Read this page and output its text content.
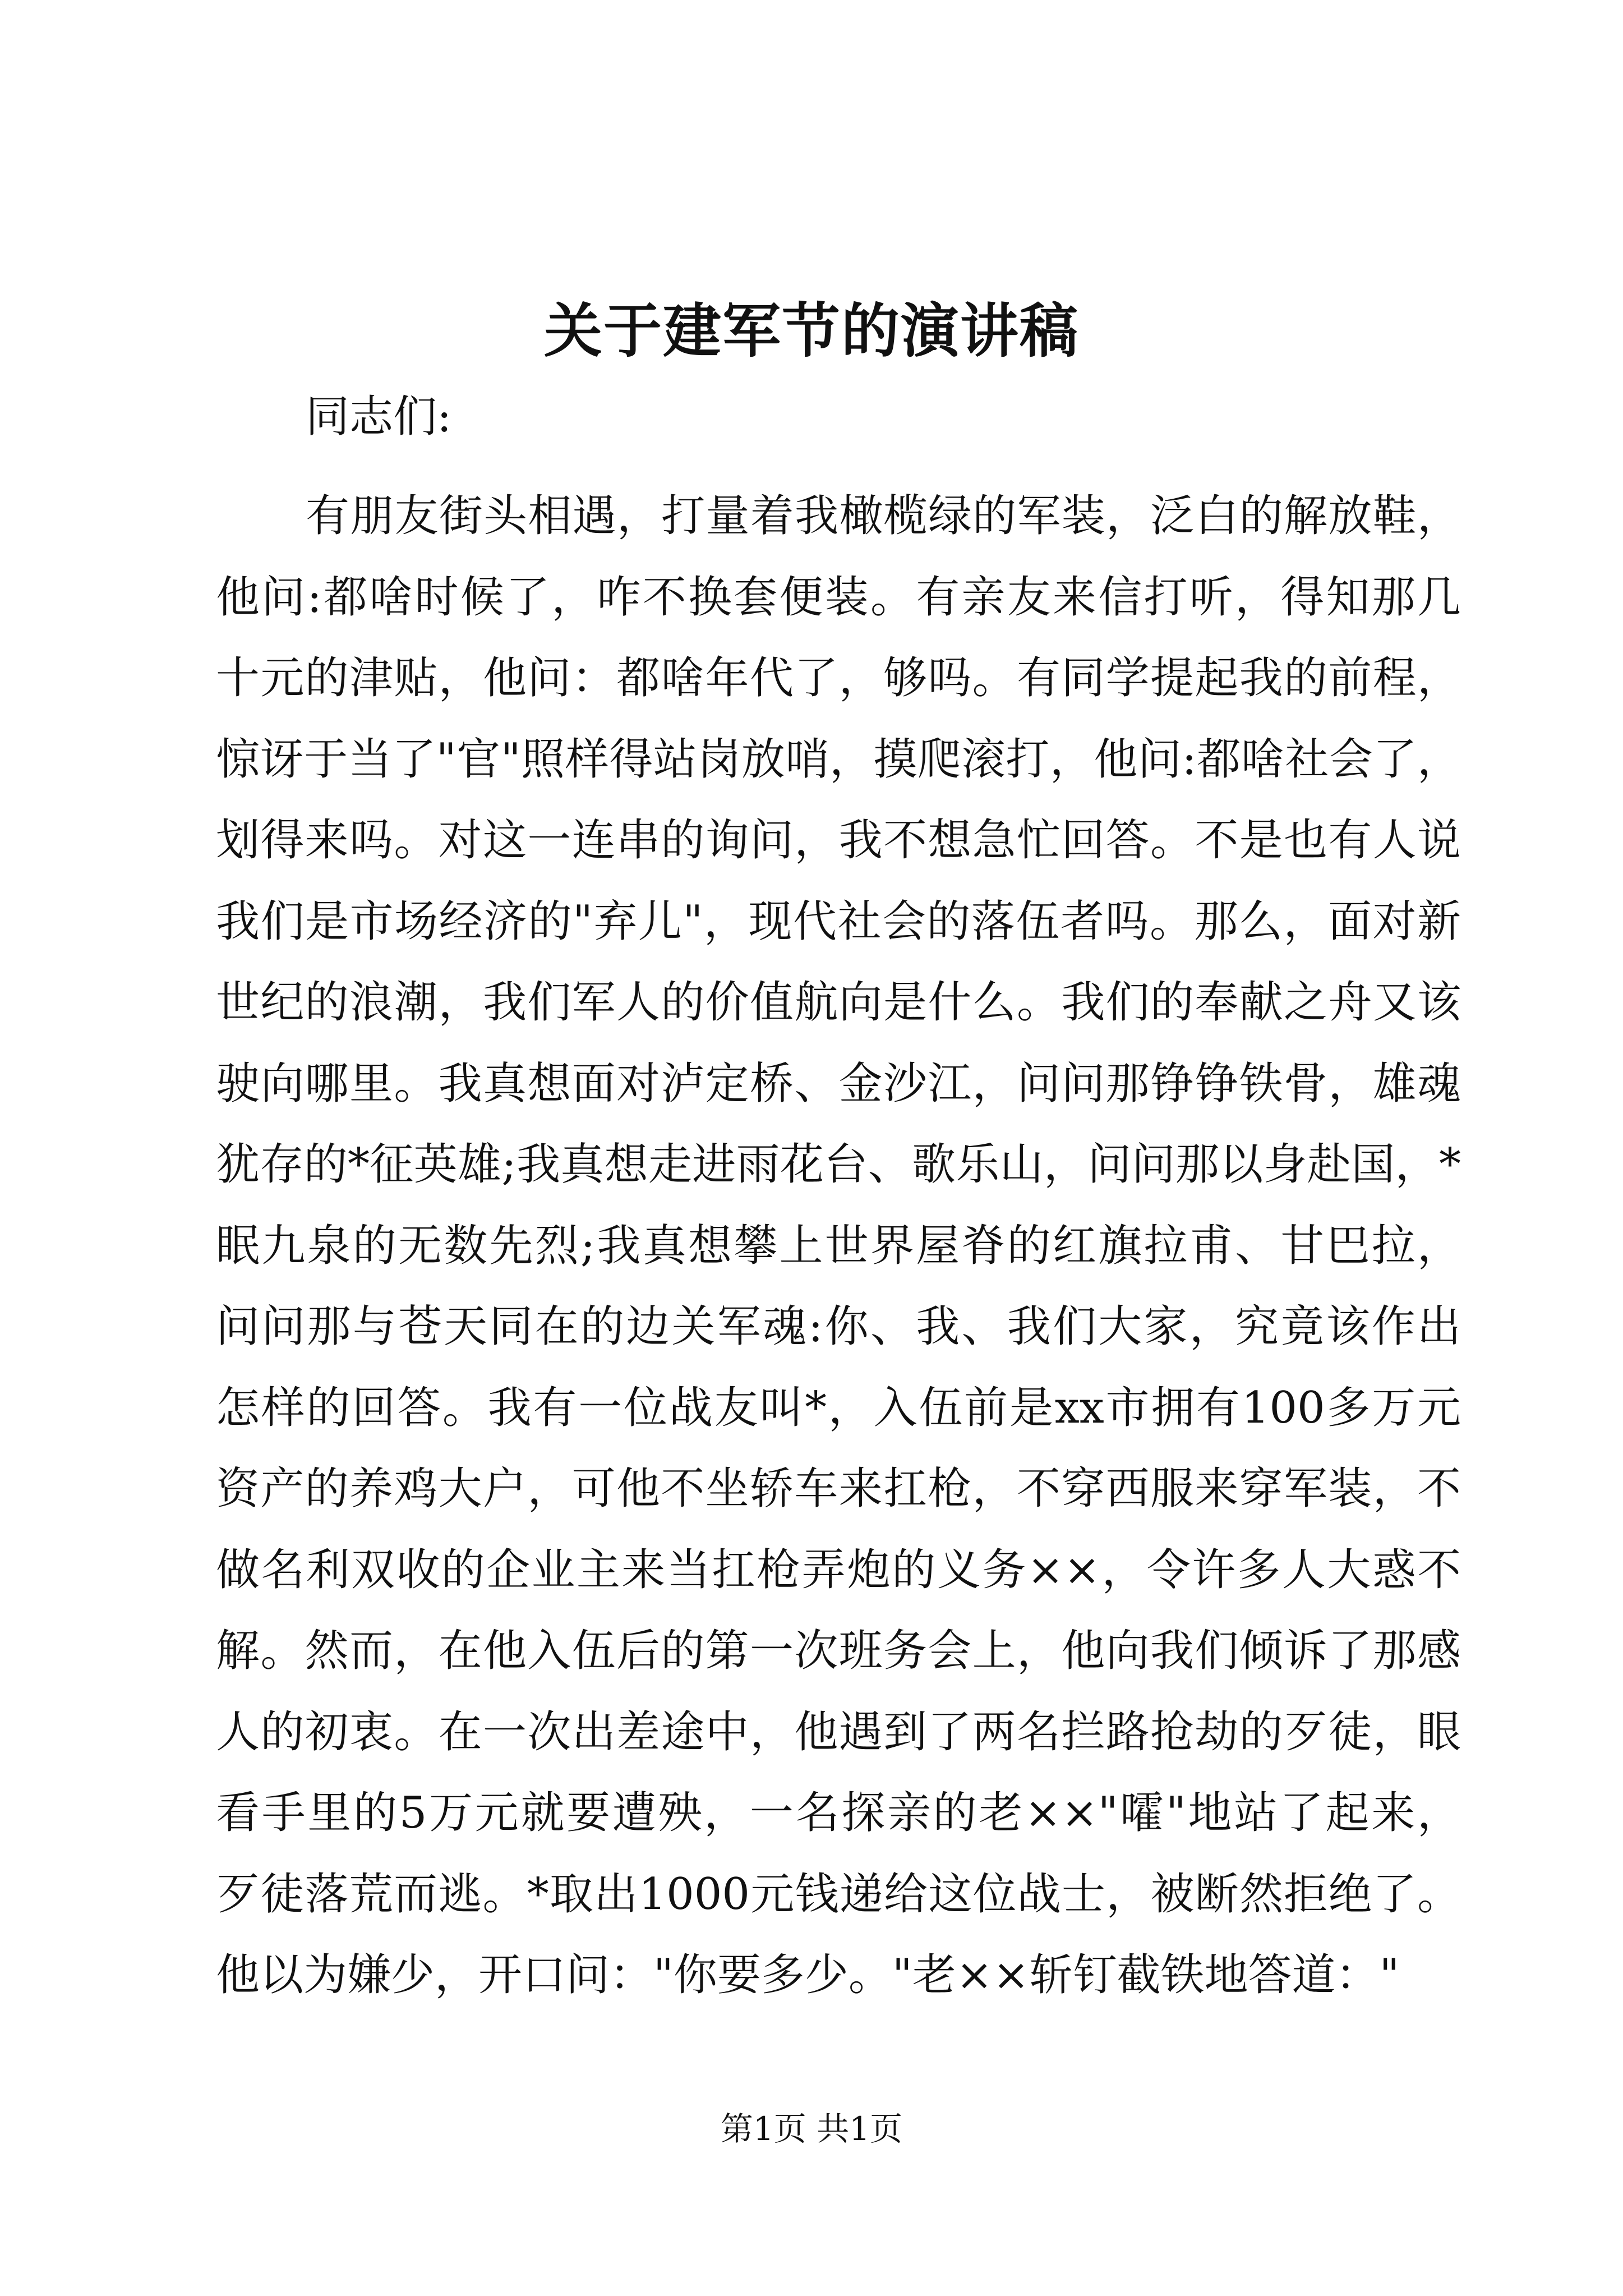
关于建军节的演讲稿
同志们:
有朋友街头相遇，打量着我橄榄绿的军装，泛白的解放鞋，
他问:都啥时候了，咋不换套便装。有亲友来信打听，得知那几
十元的津贴，他问：都啥年代了，够吗。有同学提起我的前程，
惊讶于当了"官"照样得站岗放哨，摸爬滚打，他问:都啥社会了，
划得来吗。对这一连串的询问，我不想急忙回答。不是也有人说
我们是市场经济的"弃儿"，现代社会的落伍者吗。那么，面对新
世纪的浪潮，我们军人的价值航向是什么。我们的奉献之舟又该
驶向哪里。我真想面对泸定桥、金沙江，问问那铮铮铁骨，雄魂
犹存的*征英雄;我真想走进雨花台、歌乐山，问问那以身赴国，*
眠九泉的无数先烈;我真想攀上世界屋脊的红旗拉甫、甘巴拉，
问问那与苍天同在的边关军魂:你、我、我们大家，究竟该作出
怎样的回答。我有一位战友叫*，入伍前是xx市拥有100多万元
资产的养鸡大户，可他不坐轿车来扛枪，不穿西服来穿军装，不
做名利双收的企业主来当扛枪弄炮的义务××，令许多人大惑不
解。然而，在他入伍后的第一次班务会上，他向我们倾诉了那感
人的初衷。在一次出差途中，他遇到了两名拦路抢劫的歹徒，眼
看手里的5万元就要遭殃，一名探亲的老××"嚯"地站了起来，
歹徒落荒而逃。*取出1000元钱递给这位战士，被断然拒绝了。
他以为嫌少，开口问："你要多少。"老××斩钉截铁地答道："
第1页 共1页
